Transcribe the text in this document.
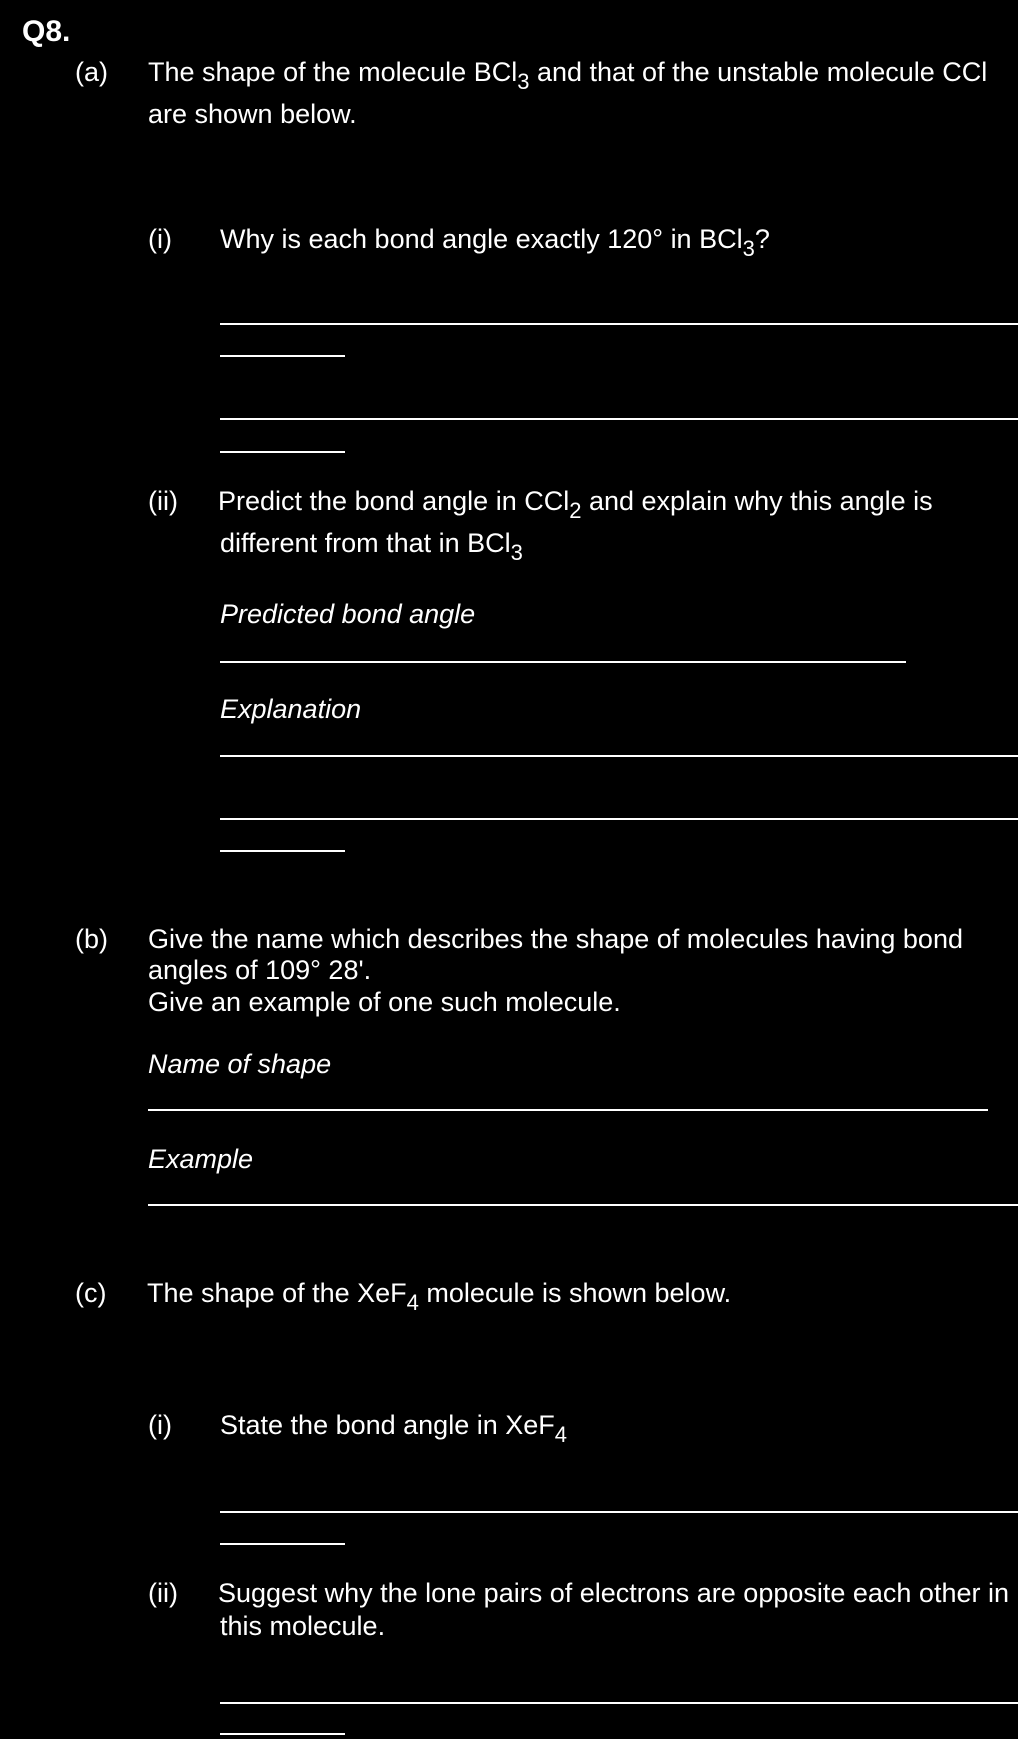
Q8.
(a) The shape of the molecule BCl$_3$ and that of the unstable molecule CCl
are shown below.
(i) Why is each bond angle exactly 120° in BCl$_3$?
(ii) Predict the bond angle in CCl$_2$ and explain why this angle is
different from that in BCl$_3$
Predicted bond angle
Explanation
(b) Give the name which describes the shape of molecules having bond
angles of 109° 28'.
Give an example of one such molecule.
Name of shape
Example
(c) The shape of the XeF$_4$ molecule is shown below.
(i) State the bond angle in XeF$_4$
(ii) Suggest why the lone pairs of electrons are opposite each other in
this molecule.
